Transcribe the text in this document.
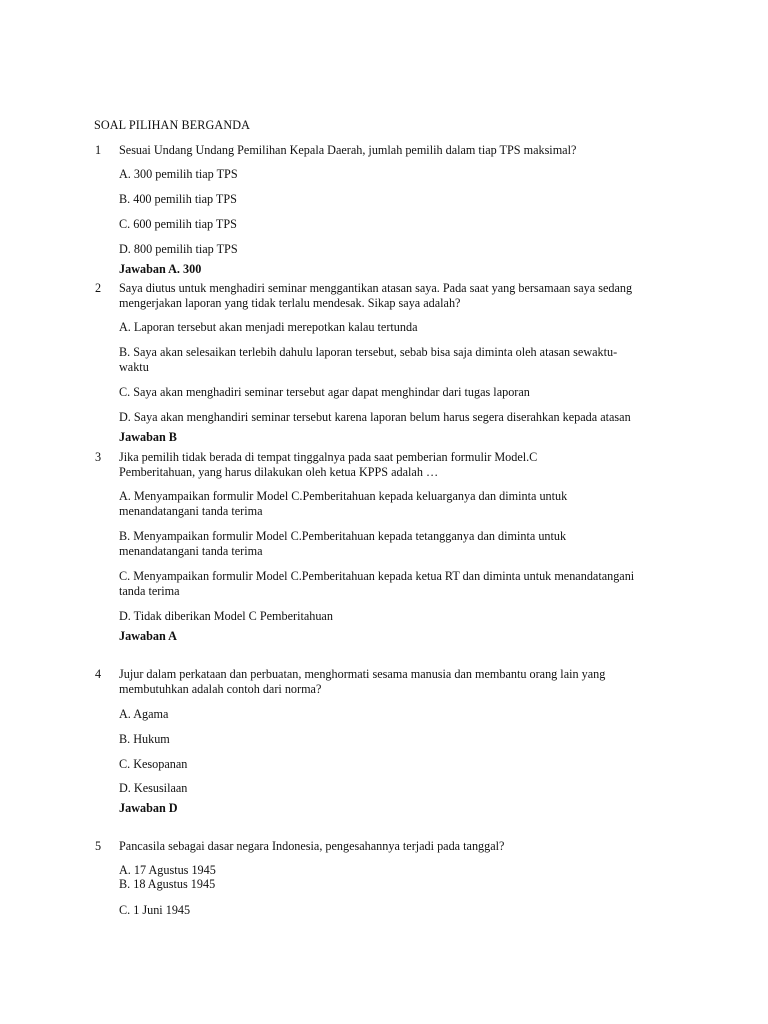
SOAL PILIHAN BERGANDA
1 Sesuai Undang Undang Pemilihan Kepala Daerah, jumlah pemilih dalam tiap TPS maksimal?
A. 300 pemilih tiap TPS
B. 400 pemilih tiap TPS
C. 600 pemilih tiap TPS
D. 800 pemilih tiap TPS
Jawaban A. 300
2 Saya diutus untuk menghadiri seminar menggantikan atasan saya. Pada saat yang bersamaan saya sedang
mengerjakan laporan yang tidak terlalu mendesak. Sikap saya adalah?
A. Laporan tersebut akan menjadi merepotkan kalau tertunda
B. Saya akan selesaikan terlebih dahulu laporan tersebut, sebab bisa saja diminta oleh atasan sewaktu-
waktu
C. Saya akan menghadiri seminar tersebut agar dapat menghindar dari tugas laporan
D. Saya akan menghandiri seminar tersebut karena laporan belum harus segera diserahkan kepada atasan
Jawaban B
3 Jika pemilih tidak berada di tempat tinggalnya pada saat pemberian formulir Model.C
Pemberitahuan, yang harus dilakukan oleh ketua KPPS adalah …
A. Menyampaikan formulir Model C.Pemberitahuan kepada keluarganya dan diminta untuk
menandatangani tanda terima
B. Menyampaikan formulir Model C.Pemberitahuan kepada tetangganya dan diminta untuk
menandatangani tanda terima
C. Menyampaikan formulir Model C.Pemberitahuan kepada ketua RT dan diminta untuk menandatangani
tanda terima
D. Tidak diberikan Model C Pemberitahuan
Jawaban A
4 Jujur dalam perkataan dan perbuatan, menghormati sesama manusia dan membantu orang lain yang
membutuhkan adalah contoh dari norma?
A. Agama
B. Hukum
C. Kesopanan
D. Kesusilaan
Jawaban D
5 Pancasila sebagai dasar negara Indonesia, pengesahannya terjadi pada tanggal?
A. 17 Agustus 1945
B. 18 Agustus 1945
C. 1 Juni 1945
